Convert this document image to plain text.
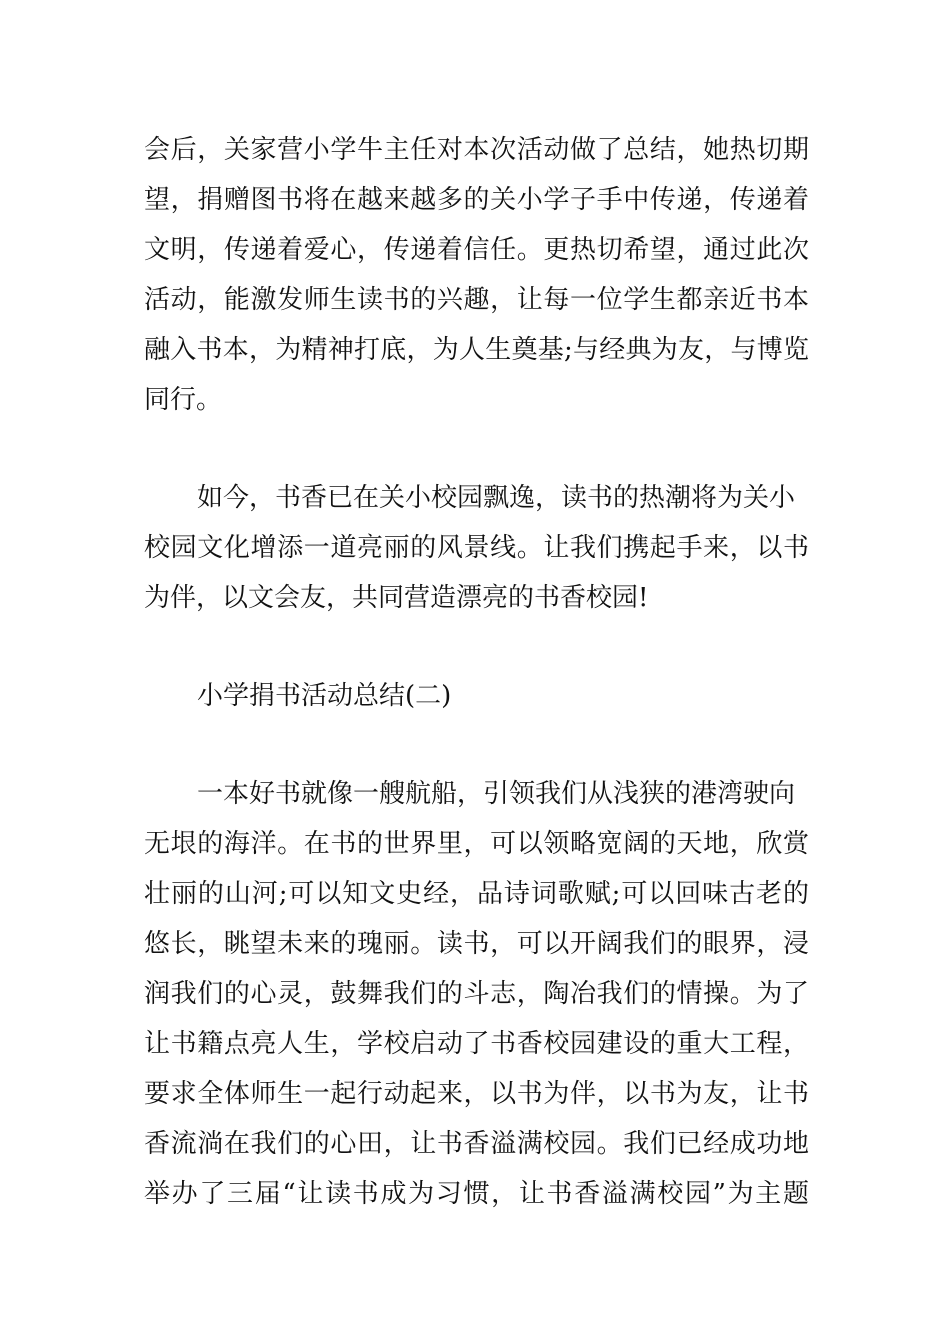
会后，关家营小学牛主任对本次活动做了总结，她热切期
望，捐赠图书将在越来越多的关小学子手中传递，传递着
文明，传递着爱心，传递着信任。更热切希望，通过此次
活动，能激发师生读书的兴趣，让每一位学生都亲近书本
融入书本，为精神打底，为人生奠基;与经典为友，与博览
同行。
如今，书香已在关小校园飘逸，读书的热潮将为关小
校园文化增添一道亮丽的风景线。让我们携起手来，以书
为伴，以文会友，共同营造漂亮的书香校园!
小学捐书活动总结(二)
一本好书就像一艘航船，引领我们从浅狭的港湾驶向
无垠的海洋。在书的世界里，可以领略宽阔的天地，欣赏
壮丽的山河;可以知文史经，品诗词歌赋;可以回味古老的
悠长，眺望未来的瑰丽。读书，可以开阔我们的眼界，浸
润我们的心灵，鼓舞我们的斗志，陶冶我们的情操。为了
让书籍点亮人生，学校启动了书香校园建设的重大工程，
要求全体师生一起行动起来，以书为伴，以书为友，让书
香流淌在我们的心田，让书香溢满校园。我们已经成功地
举办了三届“让读书成为习惯，让书香溢满校园”为主题
